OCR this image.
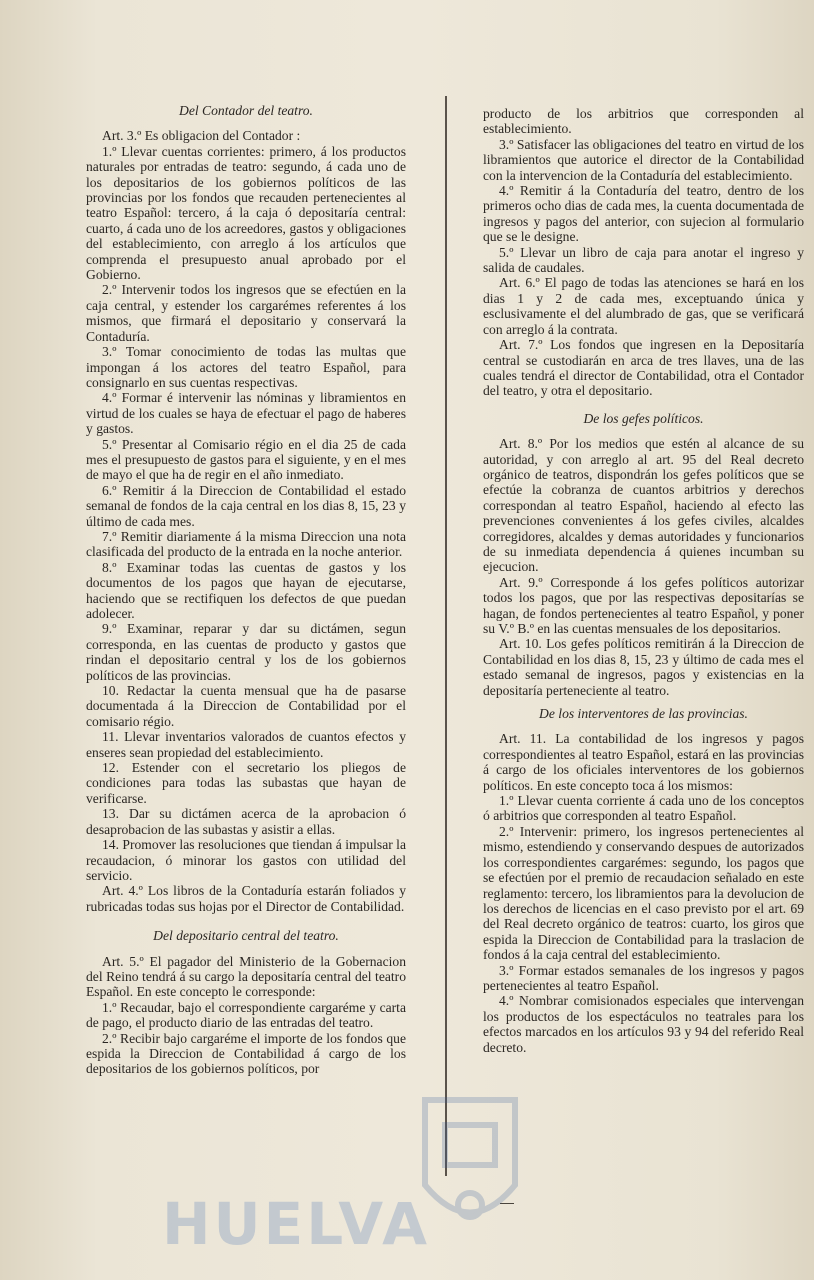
Del Contador del teatro.

Art. 3.º Es obligacion del Contador :

1.º Llevar cuentas corrientes: primero, á los productos naturales por entradas de teatro: segundo, á cada uno de los depositarios de los gobiernos políticos de las provincias por los fondos que recauden pertenecientes al teatro Español: tercero, á la caja ó depositaría central: cuarto, á cada uno de los acreedores, gastos y obligaciones del establecimiento, con arreglo á los artículos que comprenda el presupuesto anual aprobado por el Gobierno.

2.º Intervenir todos los ingresos que se efectúen en la caja central, y estender los cargarémes referentes á los mismos, que firmará el depositario y conservará la Contaduría.

3.º Tomar conocimiento de todas las multas que impongan á los actores del teatro Español, para consignarlo en sus cuentas respectivas.

4.º Formar é intervenir las nóminas y libramientos en virtud de los cuales se haya de efectuar el pago de haberes y gastos.

5.º Presentar al Comisario régio en el dia 25 de cada mes el presupuesto de gastos para el siguiente, y en el mes de mayo el que ha de regir en el año inmediato.

6.º Remitir á la Direccion de Contabilidad el estado semanal de fondos de la caja central en los dias 8, 15, 23 y último de cada mes.

7.º Remitir diariamente á la misma Direccion una nota clasificada del producto de la entrada en la noche anterior.

8.º Examinar todas las cuentas de gastos y los documentos de los pagos que hayan de ejecutarse, haciendo que se rectifiquen los defectos de que puedan adolecer.

9.º Examinar, reparar y dar su dictámen, segun corresponda, en las cuentas de producto y gastos que rindan el depositario central y los de los gobiernos políticos de las provincias.

10. Redactar la cuenta mensual que ha de pasarse documentada á la Direccion de Contabilidad por el comisario régio.

11. Llevar inventarios valorados de cuantos efectos y enseres sean propiedad del establecimiento.

12. Estender con el secretario los pliegos de condiciones para todas las subastas que hayan de verificarse.

13. Dar su dictámen acerca de la aprobacion ó desaprobacion de las subastas y asistir a ellas.

14. Promover las resoluciones que tiendan á impulsar la recaudacion, ó minorar los gastos con utilidad del servicio.

Art. 4.º Los libros de la Contaduría estarán foliados y rubricadas todas sus hojas por el Director de Contabilidad.

Del depositario central del teatro.

Art. 5.º El pagador del Ministerio de la Gobernacion del Reino tendrá á su cargo la depositaría central del teatro Español. En este concepto le corresponde:

1.º Recaudar, bajo el correspondiente cargaréme y carta de pago, el producto diario de las entradas del teatro.

2.º Recibir bajo cargaréme el importe de los fondos que espida la Direccion de Contabilidad á cargo de los depositarios de los gobiernos políticos, por

producto de los arbitrios que corresponden al establecimiento.

3.º Satisfacer las obligaciones del teatro en virtud de los libramientos que autorice el director de la Contabilidad con la intervencion de la Contaduría del establecimiento.

4.º Remitir á la Contaduría del teatro, dentro de los primeros ocho dias de cada mes, la cuenta documentada de ingresos y pagos del anterior, con sujecion al formulario que se le designe.

5.º Llevar un libro de caja para anotar el ingreso y salida de caudales.

Art. 6.º El pago de todas las atenciones se hará en los dias 1 y 2 de cada mes, exceptuando única y esclusivamente el del alumbrado de gas, que se verificará con arreglo á la contrata.

Art. 7.º Los fondos que ingresen en la Depositaría central se custodiarán en arca de tres llaves, una de las cuales tendrá el director de Contabilidad, otra el Contador del teatro, y otra el depositario.

De los gefes políticos.

Art. 8.º Por los medios que estén al alcance de su autoridad, y con arreglo al art. 95 del Real decreto orgánico de teatros, dispondrán los gefes políticos que se efectúe la cobranza de cuantos arbitrios y derechos correspondan al teatro Español, haciendo al efecto las prevenciones convenientes á los gefes civiles, alcaldes corregidores, alcaldes y demas autoridades y funcionarios de su inmediata dependencia á quienes incumban su ejecucion.

Art. 9.º Corresponde á los gefes políticos autorizar todos los pagos, que por las respectivas depositarías se hagan, de fondos pertenecientes al teatro Español, y poner su V.º B.º en las cuentas mensuales de los depositarios.

Art. 10. Los gefes políticos remitirán á la Direccion de Contabilidad en los dias 8, 15, 23 y último de cada mes el estado semanal de ingresos, pagos y existencias en la depositaría perteneciente al teatro.

De los interventores de las provincias.

Art. 11. La contabilidad de los ingresos y pagos correspondientes al teatro Español, estará en las provincias á cargo de los oficiales interventores de los gobiernos políticos. En este concepto toca á los mismos:

1.º Llevar cuenta corriente á cada uno de los conceptos ó arbitrios que corresponden al teatro Español.

2.º Intervenir: primero, los ingresos pertenecientes al mismo, estendiendo y conservando despues de autorizados los correspondientes cargarémes: segundo, los pagos que se efectúen por el premio de recaudacion señalado en este reglamento: tercero, los libramientos para la devolucion de los derechos de licencias en el caso previsto por el art. 69 del Real decreto orgánico de teatros: cuarto, los giros que espida la Direccion de Contabilidad para la traslacion de fondos á la caja central del establecimiento.

3.º Formar estados semanales de los ingresos y pagos pertenecientes al teatro Español.

4.º Nombrar comisionados especiales que intervengan los productos de los espectáculos no teatrales para los efectos marcados en los artículos 93 y 94 del referido Real decreto.

HUELVA
